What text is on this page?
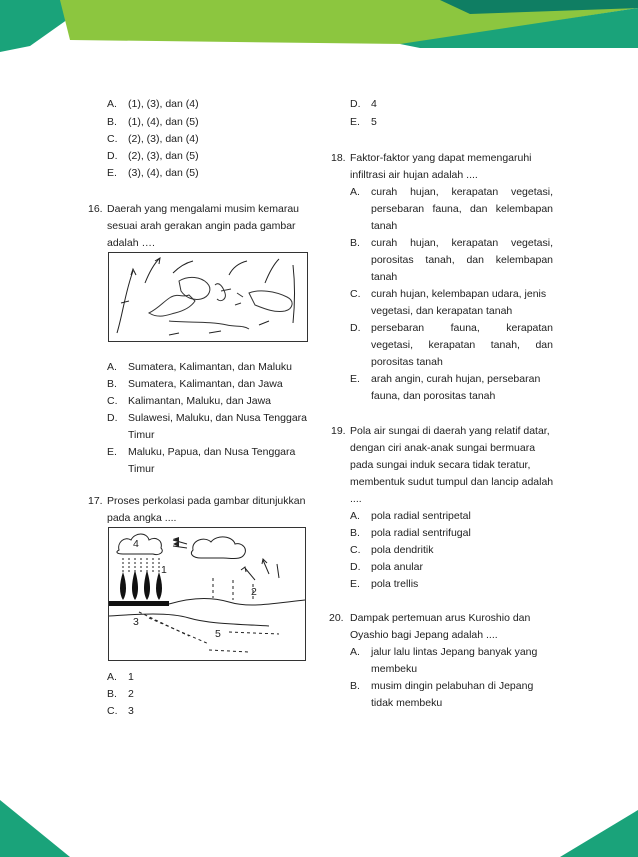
A. (1), (3), dan (4)
B. (1), (4), dan (5)
C. (2), (3), dan (4)
D. (2), (3), dan (5)
E. (3), (4), dan (5)
16. Daerah yang mengalami musim kemarau
sesuai arah gerakan angin pada gambar
adalah ….
A. Sumatera, Kalimantan, dan Maluku
B. Sumatera, Kalimantan, dan Jawa
C. Kalimantan, Maluku, dan Jawa
D. Sulawesi, Maluku, dan Nusa Tenggara
Timur
E. Maluku, Papua, dan Nusa Tenggara
Timur
17. Proses perkolasi pada gambar ditunjukkan
pada angka ....
4
1
2
3
5
A. 1
B. 2
C. 3
D. 4
E. 5
18. Faktor-faktor yang dapat memengaruhi
infiltrasi air hujan adalah ....
A. curah hujan, kerapatan vegetasi,
persebaran fauna, dan kelembapan
tanah
B. curah hujan, kerapatan vegetasi,
porositas tanah, dan kelembapan
tanah
C. curah hujan, kelembapan udara, jenis
vegetasi, dan kerapatan tanah
D. persebaran fauna, kerapatan
vegetasi, kerapatan tanah, dan
porositas tanah
E. arah angin, curah hujan, persebaran
fauna, dan porositas tanah
19. Pola air sungai di daerah yang relatif datar,
dengan ciri anak-anak sungai bermuara
pada sungai induk secara tidak teratur,
membentuk sudut tumpul dan lancip adalah
....
A. pola radial sentripetal
B. pola radial sentrifugal
C. pola dendritik
D. pola anular
E. pola trellis
20. Dampak pertemuan arus Kuroshio dan
Oyashio bagi Jepang adalah ....
A. jalur lalu lintas Jepang banyak yang
membeku
B. musim dingin pelabuhan di Jepang
tidak membeku
